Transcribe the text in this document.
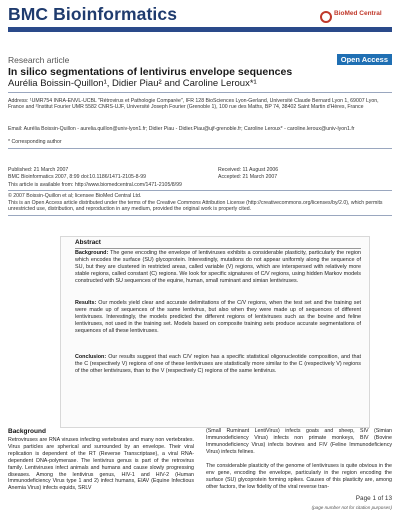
BMC Bioinformatics	BioMed Central
Research article	Open Access
In silico segmentations of lentivirus envelope sequences
Aurélia Boissin-Quillon¹, Didier Piau² and Caroline Leroux*¹
Address: ¹UMR754 INRA-ENVL-UCBL "Rétrovirus et Pathologie Comparée", IFR 128 BioSciences Lyon-Gerland, Université Claude Bernard Lyon 1, 69007 Lyon, France and ²Institut Fourier UMR 5582 CNRS-UJF, Université Joseph Fourier (Grenoble 1), 100 rue des Maths, BP 74, 38402 Saint Martin d'Hères, France
Email: Aurélia Boissin-Quillon - aurelia.quillon@univ-lyon1.fr; Didier Piau - Didier.Piau@ujf-grenoble.fr; Caroline Leroux* - caroline.leroux@univ-lyon1.fr
* Corresponding author
Published: 21 March 2007	Received: 11 August 2006
BMC Bioinformatics 2007, 8:99 doi:10.1186/1471-2105-8-99	Accepted: 21 March 2007
This article is available from: http://www.biomedcentral.com/1471-2105/8/99
© 2007 Boissin-Quillon et al; licensee BioMed Central Ltd.
This is an Open Access article distributed under the terms of the Creative Commons Attribution License (http://creativecommons.org/licenses/by/2.0), which permits unrestricted use, distribution, and reproduction in any medium, provided the original work is properly cited.
Abstract
Background: The gene encoding the envelope of lentiviruses exhibits a considerable plasticity, particularly the region which encodes the surface (SU) glycoprotein. Interestingly, mutations do not appear uniformly along the sequence of SU, but they are clustered in restricted areas, called variable (V) regions, which are interspersed with relatively more stable regions, called constant (C) regions. We look for specific signatures of C/V regions, using hidden Markov models constructed with SU sequences of the equine, human, small ruminant and simian lentiviruses.
Results: Our models yield clear and accurate delimitations of the C/V regions, when the test set and the training set were made up of sequences of the same lentivirus, but also when they were made up of sequences of different lentiviruses. Interestingly, the models predicted the different regions of lentiviruses such as the bovine and feline lentiviruses, not used in the training set. Models based on composite training sets produce accurate segmentations of sequences of all these lentiviruses.
Conclusion: Our results suggest that each C/V region has a specific statistical oligonucleotide composition, and that the C (respectively V) regions of one of these lentiviruses are statistically more similar to the C (respectively V) regions of the other lentiviruses, than to the V (respectively C) regions of the same lentivirus.
Background
Retroviruses are RNA viruses infecting vertebrates and many non vertebrates. Virus particles are spherical and surrounded by an envelope. Their viral replication is dependent of the RT (Reverse Transcriptase), a viral RNA-dependent DNA-polymerase. The lentivirus genus is part of the retrovirus family. Lentiviruses infect animals and humans and cause slowly progressing diseases. Among the lentivirus genus, HIV-1 and HIV-2 (Human Immunodeficiency Virus type 1 and 2) infect humans, EIAV (Equine Infectious Anemia Virus) infects equids, SRLV
(Small Ruminant LentiVirus) infects goats and sheep, SIV (Simian Immunodeficiency Virus) infects non primate monkeys, BIV (Bovine Immunodeficiency Virus) infects bovines and FIV (Feline Immunodeficiency Virus) infects felines.
The considerable plasticity of the genome of lentiviruses is quite obvious in the env gene, encoding the envelope, particularly in the region encoding the surface (SU) glycoprotein forming spikes. Causes of this plasticity are, among other factors, the low fidelity of the viral reverse tran-
Page 1 of 13
(page number not for citation purposes)
